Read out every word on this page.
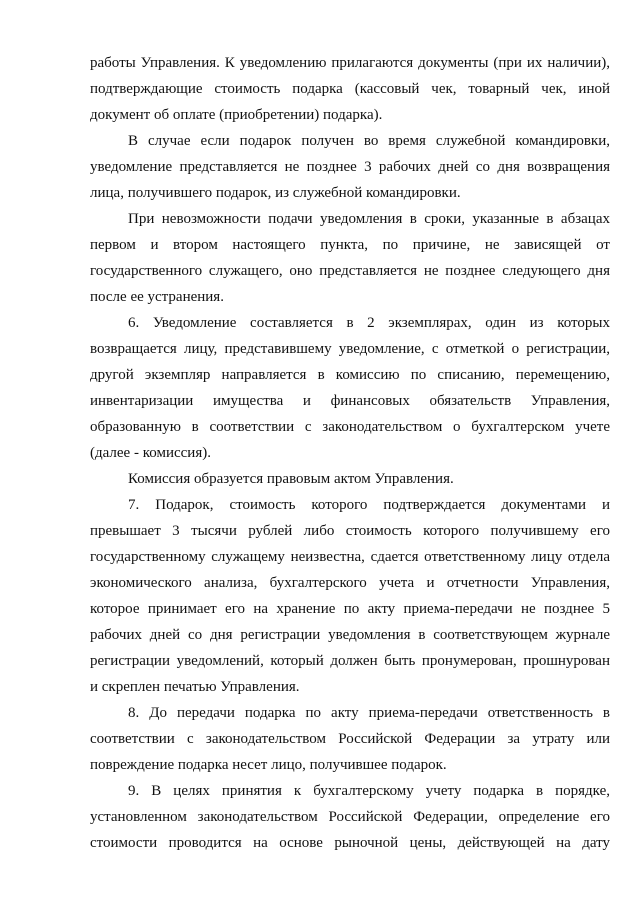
работы Управления. К уведомлению прилагаются документы (при их наличии),
подтверждающие стоимость подарка (кассовый чек, товарный чек, иной
документ об оплате (приобретении) подарка).

В случае если подарок получен во время служебной командировки,
уведомление представляется не позднее 3 рабочих дней со дня возвращения
лица, получившего подарок, из служебной командировки.

При невозможности подачи уведомления в сроки, указанные в абзацах
первом и втором настоящего пункта, по причине, не зависящей от
государственного служащего, оно представляется не позднее следующего дня
после ее устранения.

6. Уведомление составляется в 2 экземплярах, один из которых
возвращается лицу, представившему уведомление, с отметкой о регистрации,
другой экземпляр направляется в комиссию по списанию, перемещению,
инвентаризации имущества и финансовых обязательств Управления,
образованную в соответствии с законодательством о бухгалтерском учете
(далее - комиссия).

Комиссия образуется правовым актом Управления.

7. Подарок, стоимость которого подтверждается документами и
превышает 3 тысячи рублей либо стоимость которого получившему его
государственному служащему неизвестна, сдается ответственному лицу отдела
экономического анализа, бухгалтерского учета и отчетности Управления,
которое принимает его на хранение по акту приема-передачи не позднее 5
рабочих дней со дня регистрации уведомления в соответствующем журнале
регистрации уведомлений, который должен быть пронумерован, прошнурован
и скреплен печатью Управления.

8. До передачи подарка по акту приема-передачи ответственность в
соответствии с законодательством Российской Федерации за утрату или
повреждение подарка несет лицо, получившее подарок.

9. В целях принятия к бухгалтерскому учету подарка в порядке,
установленном законодательством Российской Федерации, определение его
стоимости проводится на основе рыночной цены, действующей на дату
